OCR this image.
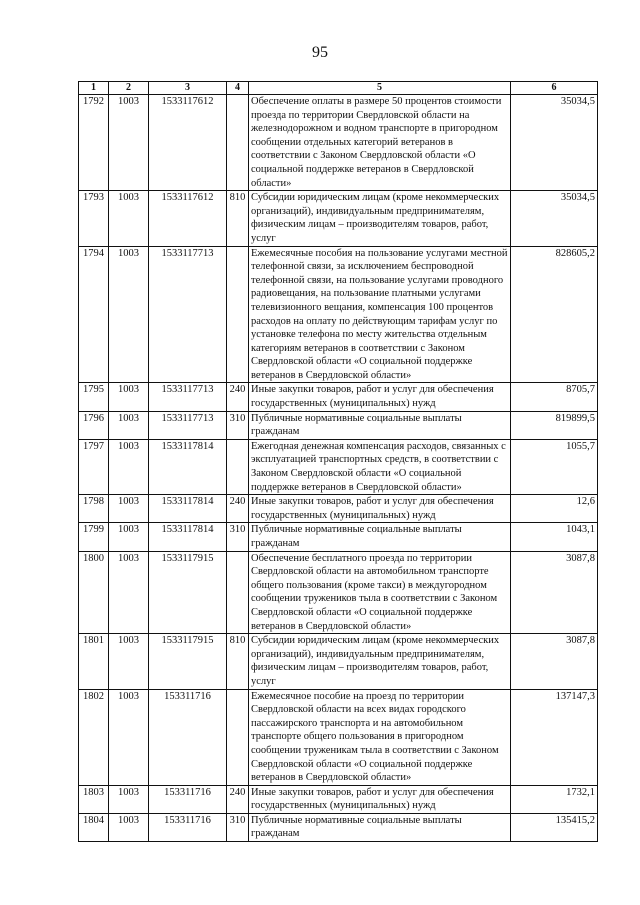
95
1	2	3	4	5	6
1792	1003	1533117612		Обеспечение оплаты в размере 50 процентов стоимости проезда по территории Свердловской области на железнодорожном и водном транспорте в пригородном сообщении отдельных категорий ветеранов в соответствии с Законом Свердловской области «О социальной поддержке ветеранов в Свердловской области»	35034,5
1793	1003	1533117612	810	Субсидии юридическим лицам (кроме некоммерческих организаций), индивидуальным предпринимателям, физическим лицам – производителям товаров, работ, услуг	35034,5
1794	1003	1533117713		Ежемесячные пособия на пользование услугами местной телефонной связи, за исключением беспроводной телефонной связи, на пользование услугами проводного радиовещания, на пользование платными услугами телевизионного вещания, компенсация 100 процентов расходов на оплату по действующим тарифам услуг по установке телефона по месту жительства отдельным категориям ветеранов в соответствии с Законом Свердловской области «О социальной поддержке ветеранов в Свердловской области»	828605,2
1795	1003	1533117713	240	Иные закупки товаров, работ и услуг для обеспечения государственных (муниципальных) нужд	8705,7
1796	1003	1533117713	310	Публичные нормативные социальные выплаты гражданам	819899,5
1797	1003	1533117814		Ежегодная денежная компенсация расходов, связанных с эксплуатацией транспортных средств, в соответствии с Законом Свердловской области «О социальной поддержке ветеранов в Свердловской области»	1055,7
1798	1003	1533117814	240	Иные закупки товаров, работ и услуг для обеспечения государственных (муниципальных) нужд	12,6
1799	1003	1533117814	310	Публичные нормативные социальные выплаты гражданам	1043,1
1800	1003	1533117915		Обеспечение бесплатного проезда по территории Свердловской области на автомобильном транспорте общего пользования (кроме такси) в междугородном сообщении тружеников тыла в соответствии с Законом Свердловской области «О социальной поддержке ветеранов в Свердловской области»	3087,8
1801	1003	1533117915	810	Субсидии юридическим лицам (кроме некоммерческих организаций), индивидуальным предпринимателям, физическим лицам – производителям товаров, работ, услуг	3087,8
1802	1003	153311716		Ежемесячное пособие на проезд по территории Свердловской области на всех видах городского пассажирского транспорта и на автомобильном транспорте общего пользования в пригородном сообщении труженикам тыла в соответствии с Законом Свердловской области «О социальной поддержке ветеранов в Свердловской области»	137147,3
1803	1003	153311716	240	Иные закупки товаров, работ и услуг для обеспечения государственных (муниципальных) нужд	1732,1
1804	1003	153311716	310	Публичные нормативные социальные выплаты гражданам	135415,2
